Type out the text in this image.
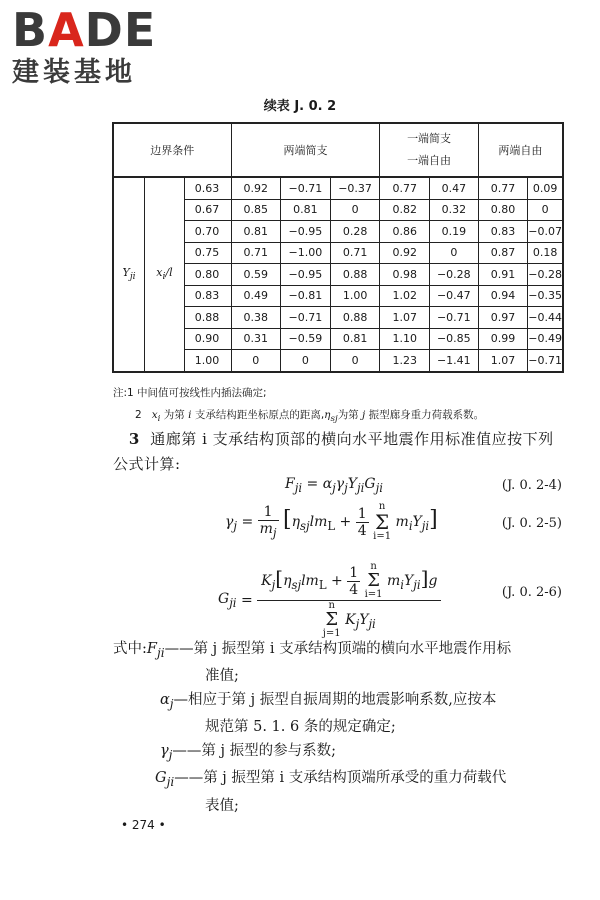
BADE
建装基地
续表 J. 0. 2
边界条件			两端简支			一端简支
一端自由		两端自由	
$Y_{ji}$	$x_i/l$	0.63	0.92	−0.71	−0.37	0.77	0.47	0.77	0.09
		0.67	0.85	0.81	0	0.82	0.32	0.80	0
		0.70	0.81	−0.95	0.28	0.86	0.19	0.83	−0.07
		0.75	0.71	−1.00	0.71	0.92	0	0.87	0.18
		0.80	0.59	−0.95	0.88	0.98	−0.28	0.91	−0.28
		0.83	0.49	−0.81	1.00	1.02	−0.47	0.94	−0.35
		0.88	0.38	−0.71	0.88	1.07	−0.71	0.97	−0.44
		0.90	0.31	−0.59	0.81	1.10	−0.85	0.99	−0.49
		1.00	0	0	0	1.23	−1.41	1.07	−0.71
注:1 中间值可按线性内插法确定;
2 $x_i$ 为第 i 支承结构距坐标原点的距离$,\eta_{sj}$为第 j 振型廊身重力荷载系数。
3 通廊第 i 支承结构顶部的横向水平地震作用标准值应按下列公式计算:
$F_{ji} = \alpha_j\gamma_jY_{ji}G_{ji}$	(J. 0. 2-4)
$\gamma_j = \frac{1}{m_j} [\eta_{sj}lm_L + \frac{1}{4}$ n
Σ
i=1 $m_iY_{ji}$]	(J. 0. 2-5)
$G_{ji}$ =
$K_j[\eta_{sj}lm_L + \frac{1}{4}$ n
Σ
i=1 $m_iY_{ji}]g$
n
Σ
j=1 $K_jY_{ji}$
(J. 0. 2-6)
式中$:F_{ji}——$第 j 振型第 i 支承结构顶端的横向水平地震作用标
准值;
$\alpha_j—$相应于第 j 振型自振周期的地震影响系数,应按本
规范第 5. 1. 6 条的规定确定;
$\gamma_j——$第 j 振型的参与系数;
$G_{ji}——$第 j 振型第 i 支承结构顶端所承受的重力荷载代
表值;
• 274 •
